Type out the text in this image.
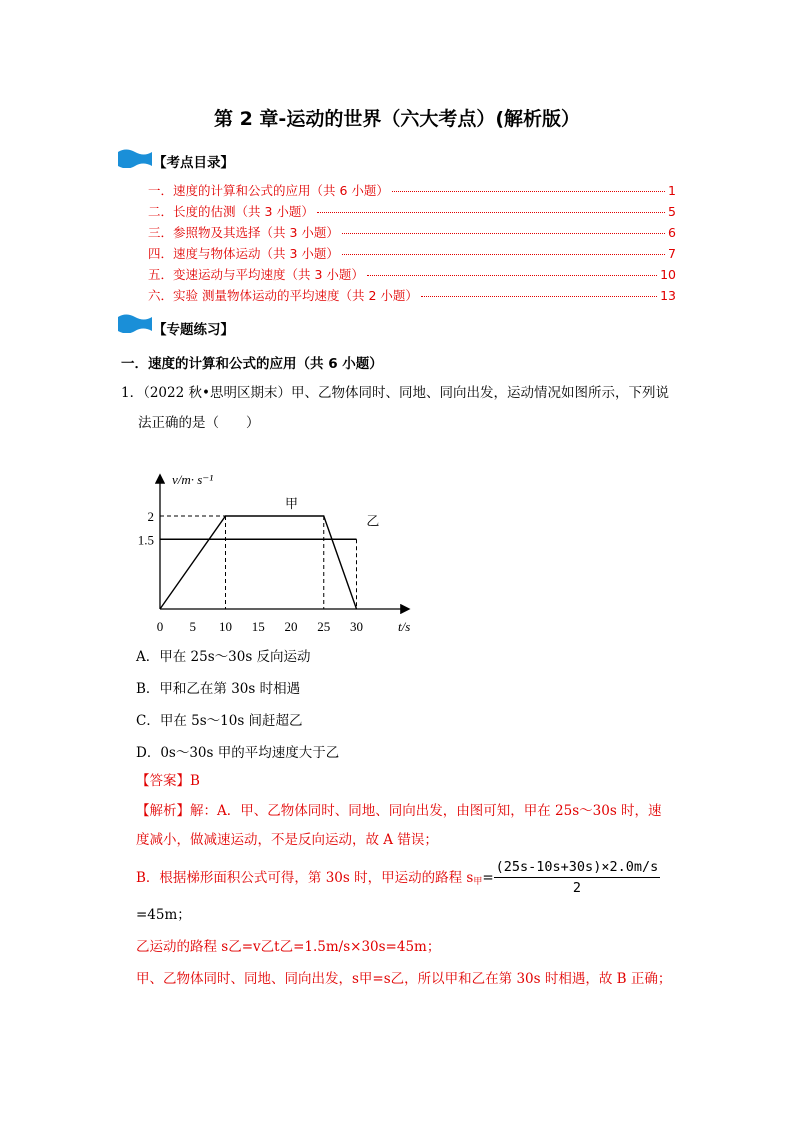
第 2 章-运动的世界（六大考点）(解析版）
【考点目录】
一．速度的计算和公式的应用（共 6 小题）	1
二．长度的估测（共 3 小题）	5
三．参照物及其选择（共 3 小题）	6
四．速度与物体运动（共 3 小题）	7
五．变速运动与平均速度（共 3 小题）	10
六．实验 测量物体运动的平均速度（共 2 小题）	13
【专题练习】
一．速度的计算和公式的应用（共 6 小题）
1．（2022 秋•思明区期末）甲、乙物体同时、同地、同向出发，运动情况如图所示，下列说
法正确的是（　　）
0 5 10 15 20 25 30
1.5
2
甲
乙
v/m· s⁻¹
t/s
A．甲在 25s～30s 反向运动
B．甲和乙在第 30s 时相遇
C．甲在 5s～10s 间赶超乙
D．0s～30s 甲的平均速度大于乙
【答案】B
【解析】解：A．甲、乙物体同时、同地、同向出发，由图可知，甲在 25s～30s 时，速
度减小，做减速运动，不是反向运动，故 A 错误；
B．根据梯形面积公式可得，第 30s 时，甲运动的路程 s 甲 = $\frac{(25s-10s+30s)\times 2.0m/s}{2}$
=45m；
乙运动的路程 s乙=v乙t乙=1.5m/s×30s=45m；
甲、乙物体同时、同地、同向出发，s甲=s乙，所以甲和乙在第 30s 时相遇，故 B 正确；
